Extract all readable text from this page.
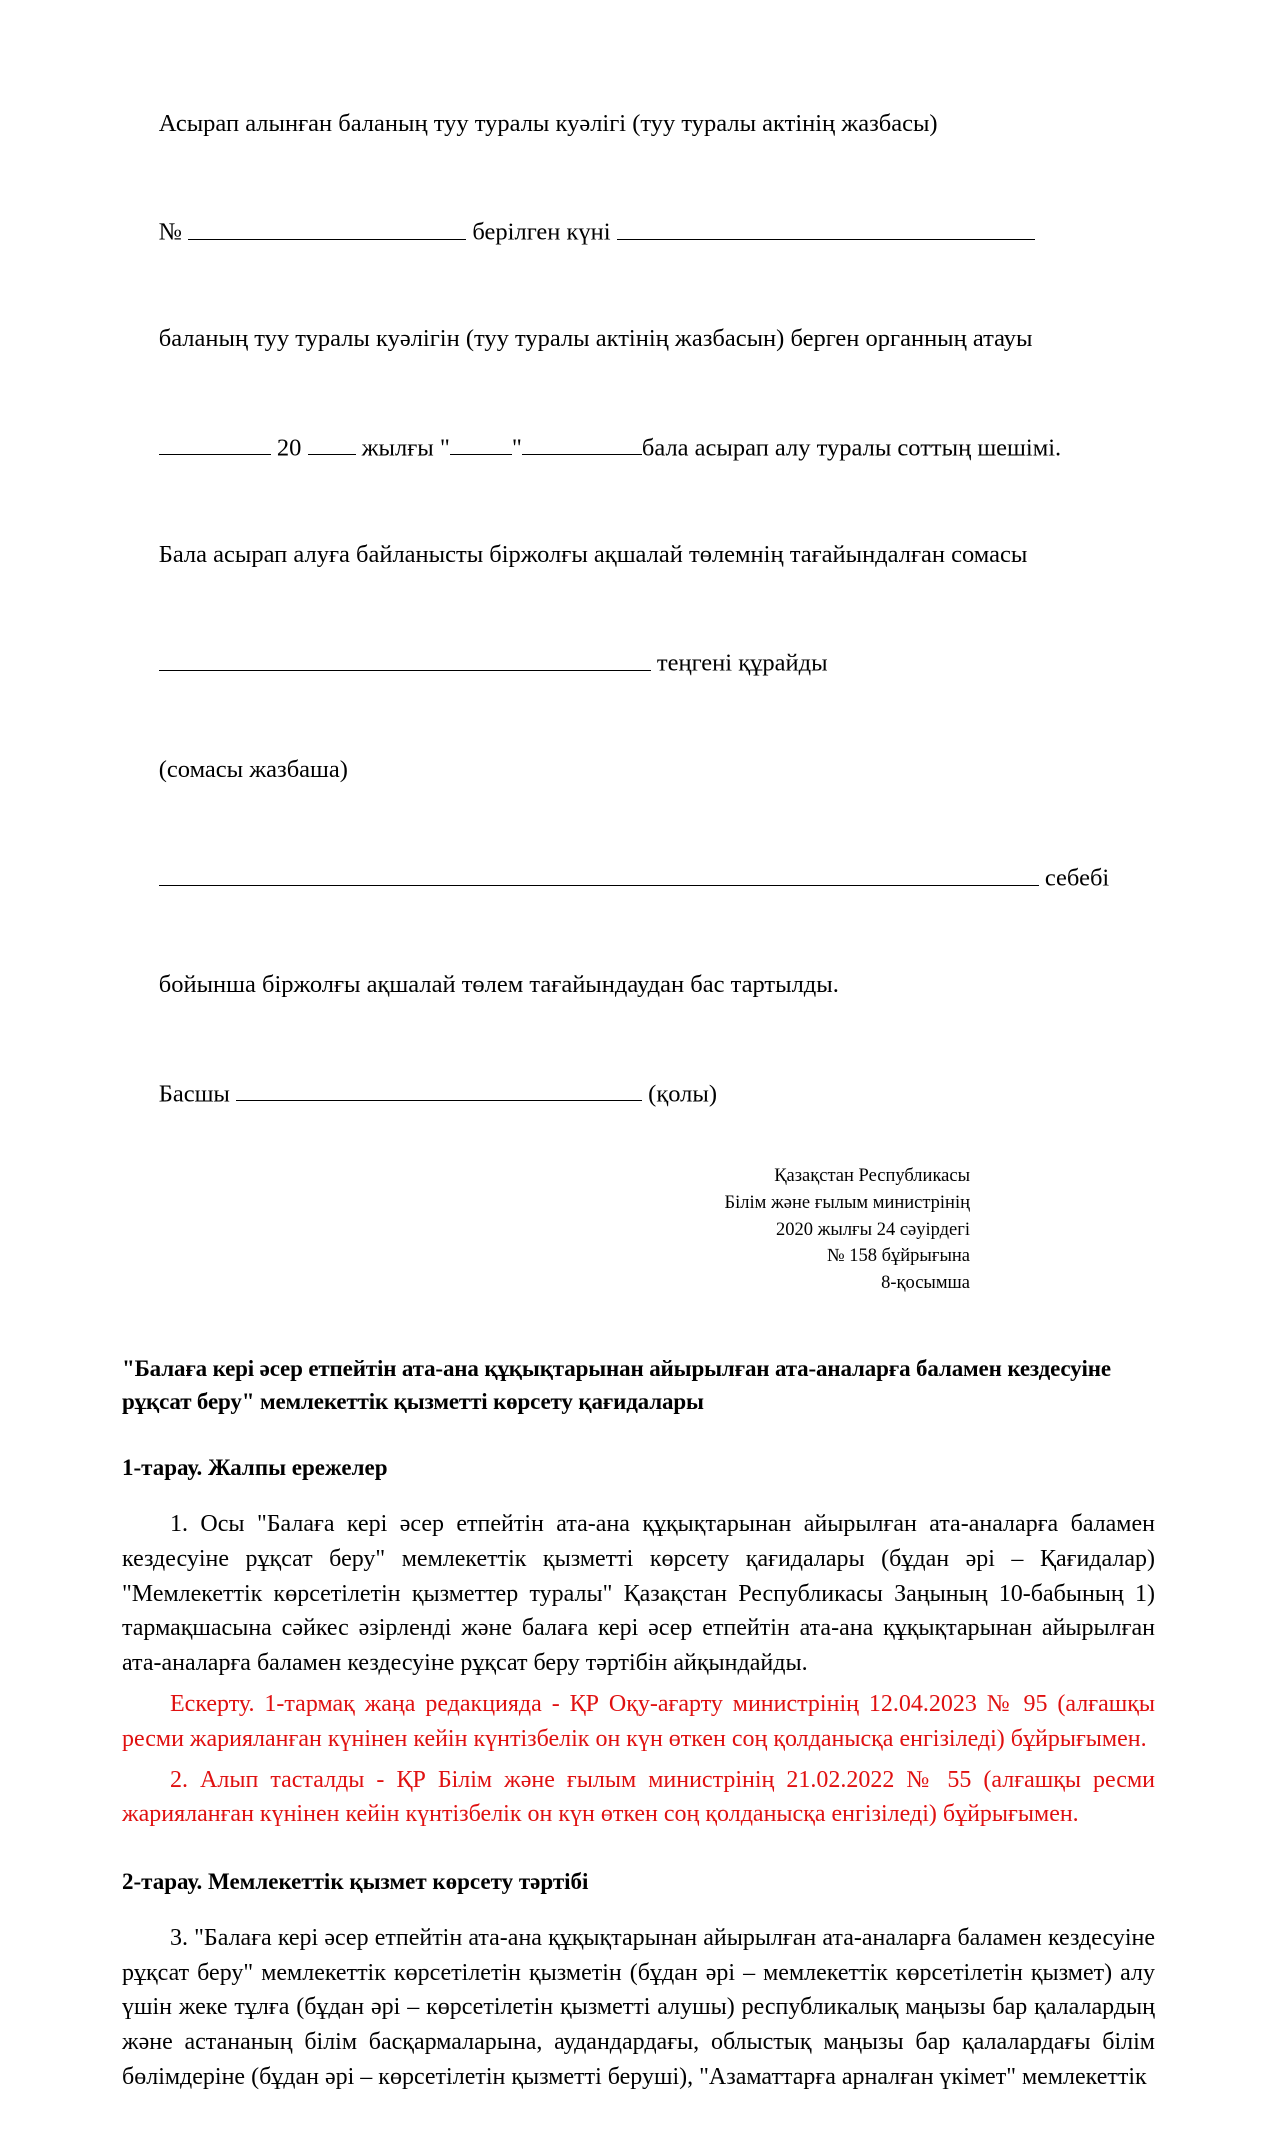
Асырап алынған баланың туу туралы куәлігі (туу туралы актінің жазбасы)

№	берілген күні

баланың туу туралы куәлігін (туу туралы актінің жазбасын) берген органның атауы

20  жылғы "	"	бала асырап алу туралы соттың шешімі.

Бала асырап алуға байланысты біржолғы ақшалай төлемнің тағайындалған сомасы

теңгені құрайды

(сомасы жазбаша)

себебі

бойынша біржолғы ақшалай төлем тағайындаудан бас тартылды.

Басшы	(қолы)

Қазақстан Республикасы
Білім және ғылым министрінің
2020 жылғы 24 сәуірдегі
№ 158 бұйрығына
8-қосымша
"Балаға кері әсер етпейтін ата-ана құқықтарынан айырылған ата-аналарға баламен кездесуіне рұқсат беру" мемлекеттік қызметті көрсету қағидалары
1-тарау. Жалпы ережелер

1. Осы "Балаға кері әсер етпейтін ата-ана құқықтарынан айырылған ата-аналарға баламен кездесуіне рұқсат беру" мемлекеттік қызметті көрсету қағидалары (бұдан әрі – Қағидалар) "Мемлекеттік көрсетілетін қызметтер туралы" Қазақстан Республикасы Заңының 10-бабының 1) тармақшасына сәйкес әзірленді және балаға кері әсер етпейтін ата-ана құқықтарынан айырылған ата-аналарға баламен кездесуіне рұқсат беру тәртібін айқындайды.

Ескерту. 1-тармақ жаңа редакцияда - ҚР Оқу-ағарту министрінің 12.04.2023 № 95 (алғашқы ресми жарияланған күнінен кейін күнтізбелік он күн өткен соң қолданысқа енгізіледі) бұйрығымен.

2. Алып тасталды - ҚР Білім және ғылым министрінің 21.02.2022 № 55 (алғашқы ресми жарияланған күнінен кейін күнтізбелік он күн өткен соң қолданысқа енгізіледі) бұйрығымен.

2-тарау. Мемлекеттік қызмет көрсету тәртібі

3. "Балаға кері әсер етпейтін ата-ана құқықтарынан айырылған ата-аналарға баламен кездесуіне рұқсат беру" мемлекеттік көрсетілетін қызметін (бұдан әрі – мемлекеттік көрсетілетін қызмет) алу үшін жеке тұлға (бұдан әрі – көрсетілетін қызметті алушы) республикалық маңызы бар қалалардың және астананың білім басқармаларына, аудандардағы, облыстық маңызы бар қалалардағы білім бөлімдеріне (бұдан әрі – көрсетілетін қызметті беруші), "Азаматтарға арналған үкімет" мемлекеттік
